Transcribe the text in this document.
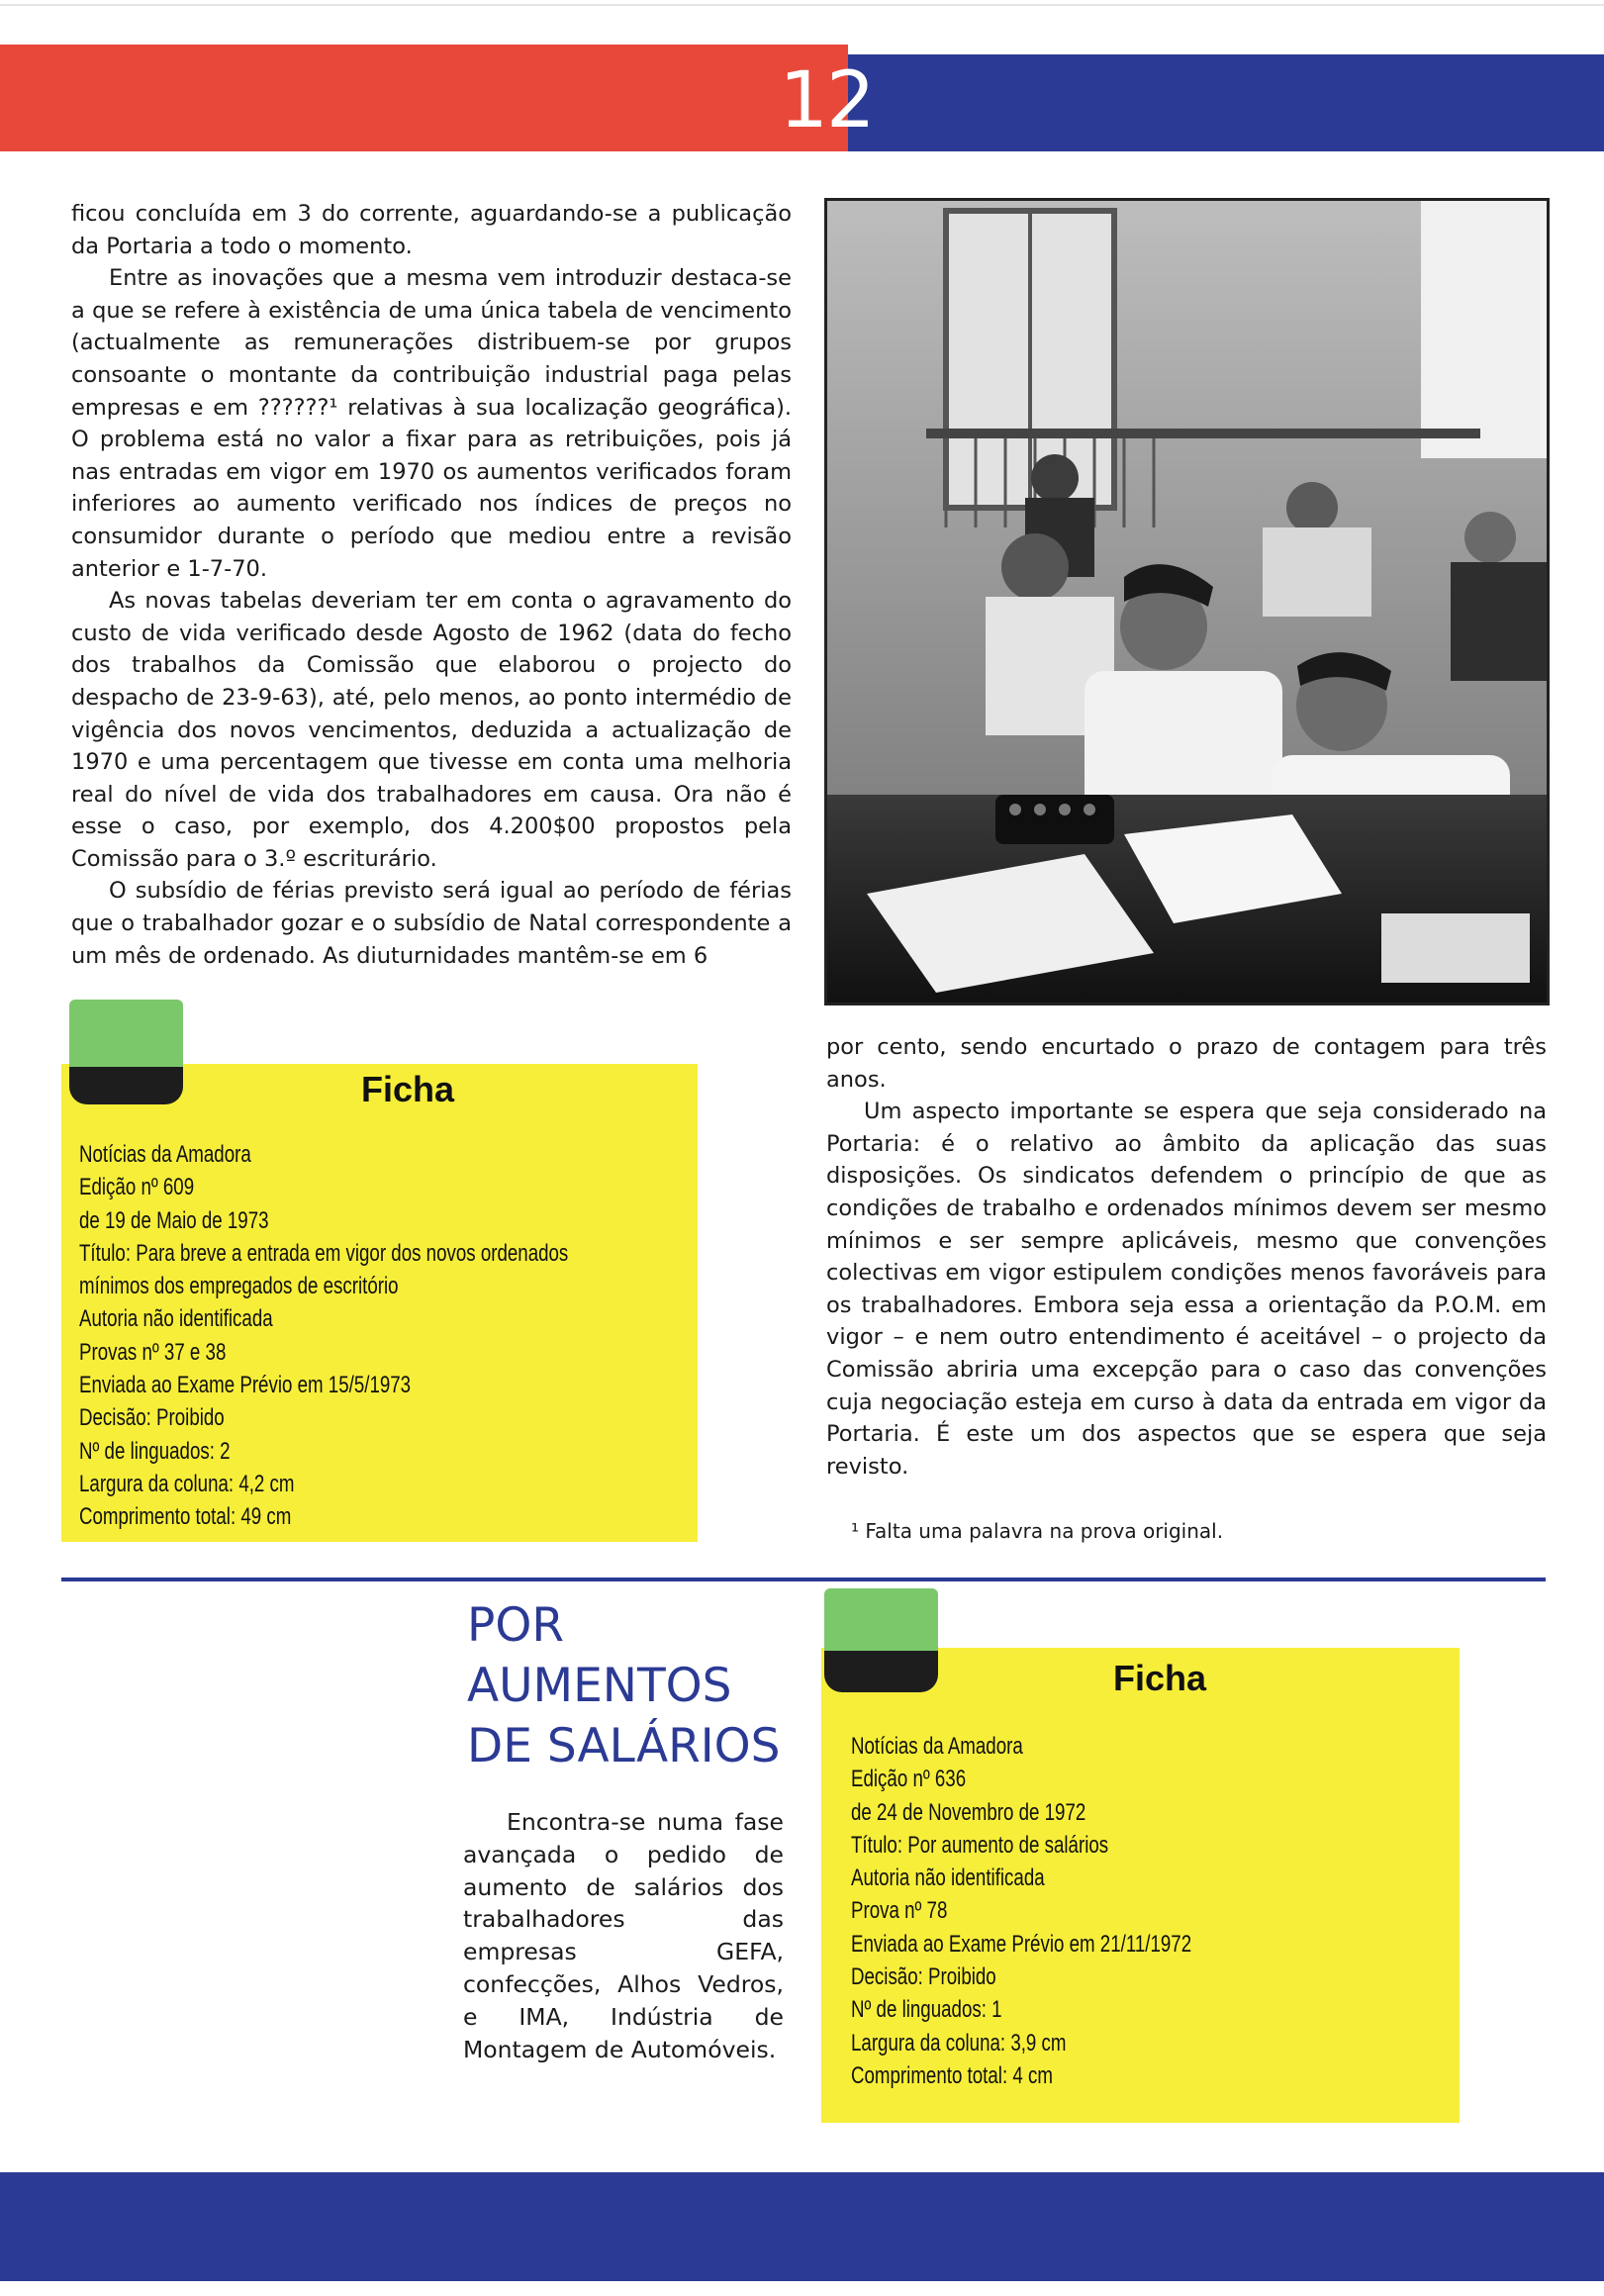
12

ficou concluída em 3 do corrente, aguardando-se a publicação da Portaria a todo o momento.

Entre as inovações que a mesma vem introduzir destaca-se a que se refere à existência de uma única tabela de vencimento (actualmente as remunerações distribuem-se por grupos consoante o montante da contribuição industrial paga pelas empresas e em ??????¹ relativas à sua localização geográfica). O problema está no valor a fixar para as retribuições, pois já nas entradas em vigor em 1970 os aumentos verificados foram inferiores ao aumento verificado nos índices de preços no consumidor durante o período que mediou entre a revisão anterior e 1-7-70.

As novas tabelas deveriam ter em conta o agravamento do custo de vida verificado desde Agosto de 1962 (data do fecho dos trabalhos da Comissão que elaborou o projecto do despacho de 23-9-63), até, pelo menos, ao ponto intermédio de vigência dos novos vencimentos, deduzida a actualização de 1970 e uma percentagem que tivesse em conta uma melhoria real do nível de vida dos trabalhadores em causa. Ora não é esse o caso, por exemplo, dos 4.200$00 propostos pela Comissão para o 3.º escriturário.

O subsídio de férias previsto será igual ao período de férias que o trabalhador gozar e o subsídio de Natal correspondente a um mês de ordenado. As diuturnidades mantêm-se em 6

Ficha
Notícias da Amadora
Edição nº 609
de 19 de Maio de 1973
Título: Para breve a entrada em vigor dos novos ordenados
mínimos dos empregados de escritório
Autoria não identificada
Provas nº 37 e 38
Enviada ao Exame Prévio em 15/5/1973
Decisão: Proibido
Nº de linguados: 2
Largura da coluna: 4,2 cm
Comprimento total: 49 cm

por cento, sendo encurtado o prazo de contagem para três anos.

Um aspecto importante se espera que seja considerado na Portaria: é o relativo ao âmbito da aplicação das suas disposições. Os sindicatos defendem o princípio de que as condições de trabalho e ordenados mínimos devem ser mesmo mínimos e ser sempre aplicáveis, mesmo que convenções colectivas em vigor estipulem condições menos favoráveis para os trabalhadores. Embora seja essa a orientação da P.O.M. em vigor – e nem outro entendimento é aceitável – o projecto da Comissão abriria uma excepção para o caso das convenções cuja negociação esteja em curso à data da entrada em vigor da Portaria. É este um dos aspectos que se espera que seja revisto.

¹ Falta uma palavra na prova original.
POR
AUMENTOS
DE SALÁRIOS

Encontra-se numa fase avançada o pedido de aumento de salários dos trabalhadores das empresas GEFA, confecções, Alhos Vedros, e IMA, Indústria de Montagem de Automóveis.

Ficha
Notícias da Amadora
Edição nº 636
de 24 de Novembro de 1972
Título: Por aumento de salários
Autoria não identificada
Prova nº 78
Enviada ao Exame Prévio em 21/11/1972
Decisão: Proibido
Nº de linguados: 1
Largura da coluna: 3,9 cm
Comprimento total: 4 cm
